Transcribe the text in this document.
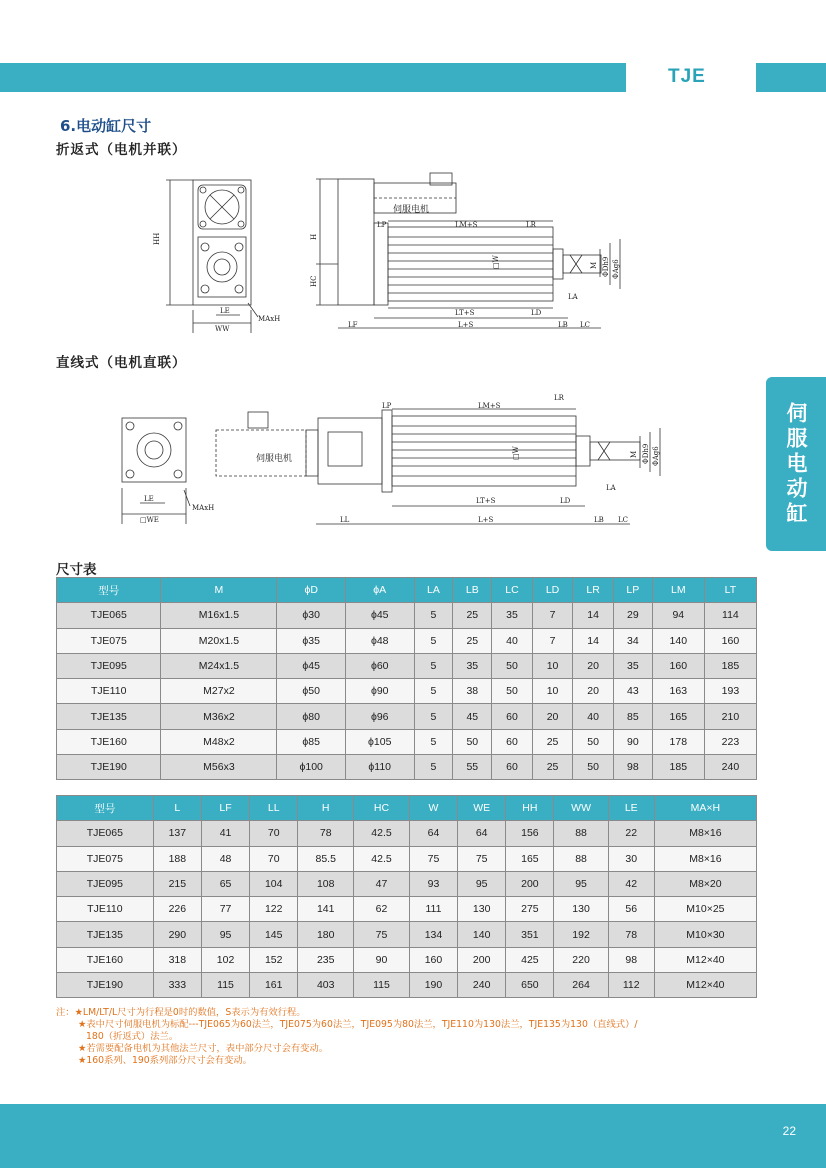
TJE
伺服电动缸
6.电动缸尺寸
折返式（电机并联）
HH
LE
WW
MAxH
伺服电机
H
HC
LP	LM+S	LR
□W	M ΦDh9 ΦAg6
LA
LT+S	LD
LF	L+S	LB LC
直线式（电机直联）
LE
□WE
MAxH
伺服电机
LP	LM+S
LR
□W	M ΦDh9 ΦAg6
LA
LT+S	LD
LL	L+S	LB LC
尺寸表
型号	M	ϕD	ϕA	LA	LB	LC	LD	LR	LP	LM	LT
TJE065	M16x1.5	ϕ30	ϕ45	5	25	35	7	14	29	94	114
TJE075	M20x1.5	ϕ35	ϕ48	5	25	40	7	14	34	140	160
TJE095	M24x1.5	ϕ45	ϕ60	5	35	50	10	20	35	160	185
TJE110	M27x2	ϕ50	ϕ90	5	38	50	10	20	43	163	193
TJE135	M36x2	ϕ80	ϕ96	5	45	60	20	40	85	165	210
TJE160	M48x2	ϕ85	ϕ105	5	50	60	25	50	90	178	223
TJE190	M56x3	ϕ100	ϕ110	5	55	60	25	50	98	185	240
型号	L	LF	LL	H	HC	W	WE	HH	WW	LE	MA×H
TJE065	137	41	70	78	42.5	64	64	156	88	22	M8×16
TJE075	188	48	70	85.5	42.5	75	75	165	88	30	M8×16
TJE095	215	65	104	108	47	93	95	200	95	42	M8×20
TJE110	226	77	122	141	62	111	130	275	130	56	M10×25
TJE135	290	95	145	180	75	134	140	351	192	78	M10×30
TJE160	318	102	152	235	90	160	200	425	220	98	M12×40
TJE190	333	115	161	403	115	190	240	650	264	112	M12×40
注：★LM/LT/L尺寸为行程是0时的数值，S表示为有效行程。
★表中尺寸伺服电机为标配---TJE065为60法兰，TJE075为60法兰，TJE095为80法兰，TJE110为130法兰，TJE135为130（直线式）/
180（折返式）法兰。
★若需要配备电机为其他法兰尺寸，表中部分尺寸会有变动。
★160系列、190系列部分尺寸会有变动。
22
